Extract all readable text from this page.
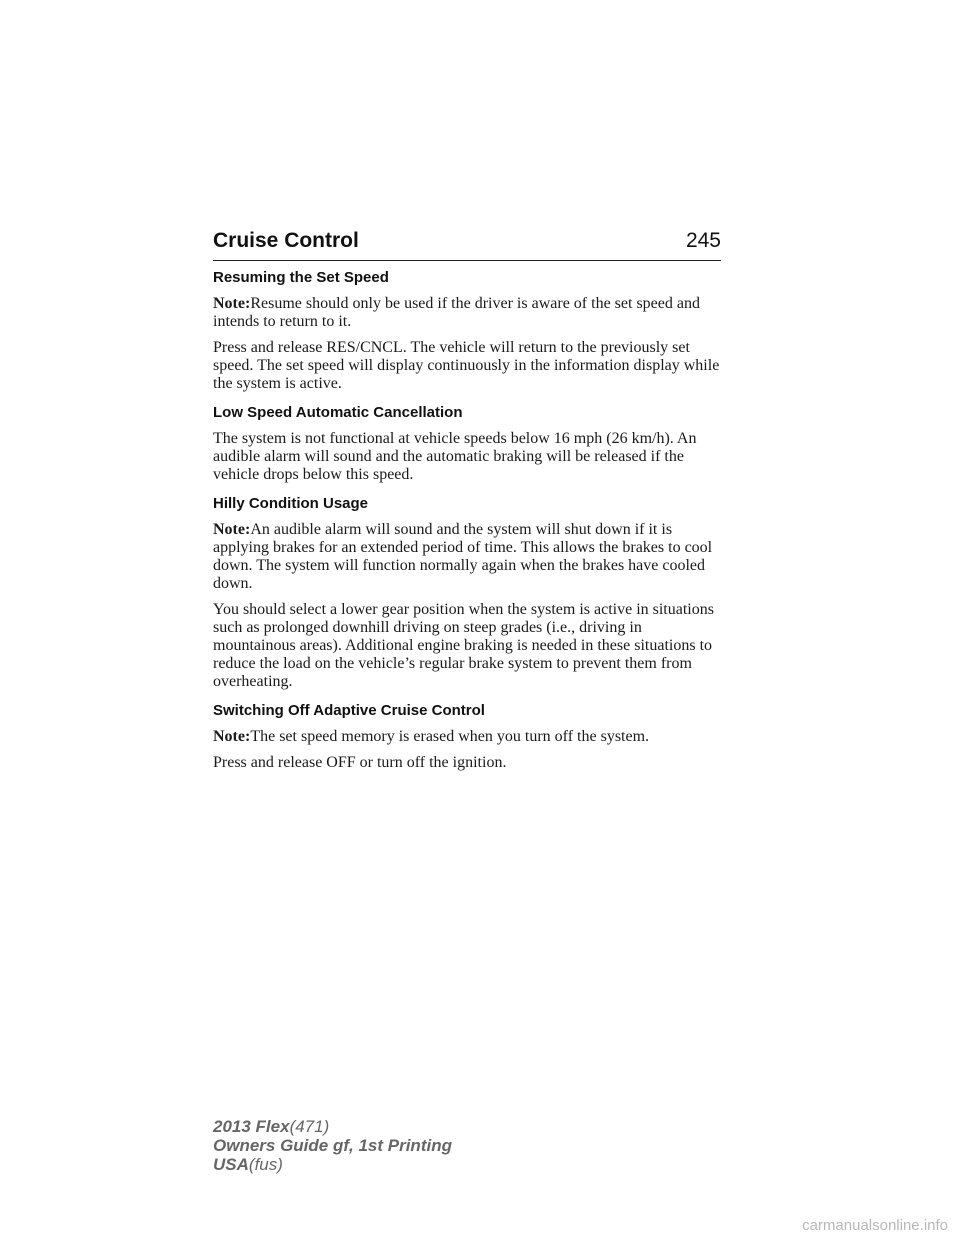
Cruise Control	245
Resuming the Set Speed

Note:Resume should only be used if the driver is aware of the set speed and intends to return to it.

Press and release RES/CNCL. The vehicle will return to the previously set speed. The set speed will display continuously in the information display while the system is active.

Low Speed Automatic Cancellation

The system is not functional at vehicle speeds below 16 mph (26 km/h). An audible alarm will sound and the automatic braking will be released if the vehicle drops below this speed.

Hilly Condition Usage

Note:An audible alarm will sound and the system will shut down if it is applying brakes for an extended period of time. This allows the brakes to cool down. The system will function normally again when the brakes have cooled down.

You should select a lower gear position when the system is active in situations such as prolonged downhill driving on steep grades (i.e., driving in mountainous areas). Additional engine braking is needed in these situations to reduce the load on the vehicle’s regular brake system to prevent them from overheating.

Switching Off Adaptive Cruise Control

Note:The set speed memory is erased when you turn off the system.

Press and release OFF or turn off the ignition.

2013 Flex(471)
Owners Guide gf, 1st Printing
USA(fus)
carmanualsonline.info
